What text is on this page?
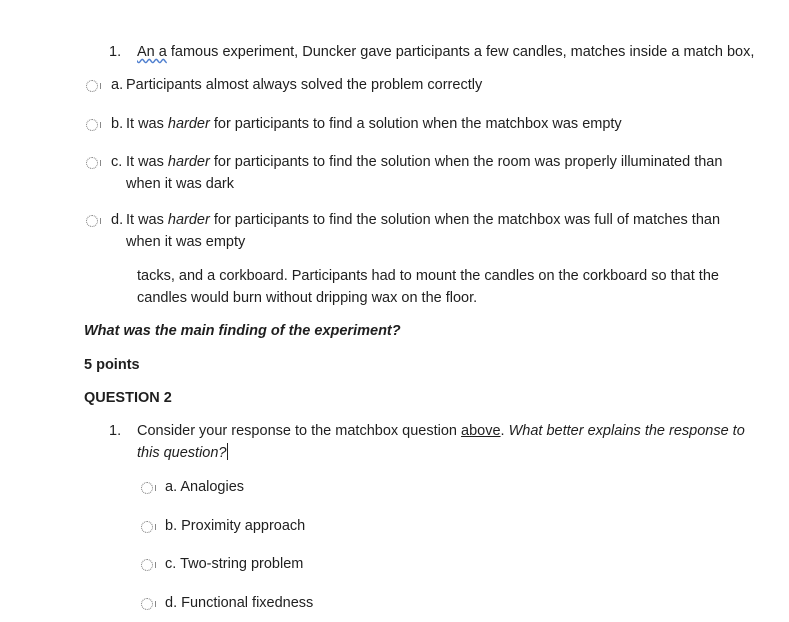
1. An a famous experiment, Duncker gave participants a few candles, matches inside a match box,
a. Participants almost always solved the problem correctly
b. It was harder for participants to find a solution when the matchbox was empty
c. It was harder for participants to find the solution when the room was properly illuminated than
when it was dark
d. It was harder for participants to find the solution when the matchbox was full of matches than
when it was empty
tacks, and a corkboard. Participants had to mount the candles on the corkboard so that the
candles would burn without dripping wax on the floor.
What was the main finding of the experiment?
5 points
QUESTION 2
1. Consider your response to the matchbox question above. What better explains the response to
this question?
a. Analogies
b. Proximity approach
c. Two-string problem
d. Functional fixedness
